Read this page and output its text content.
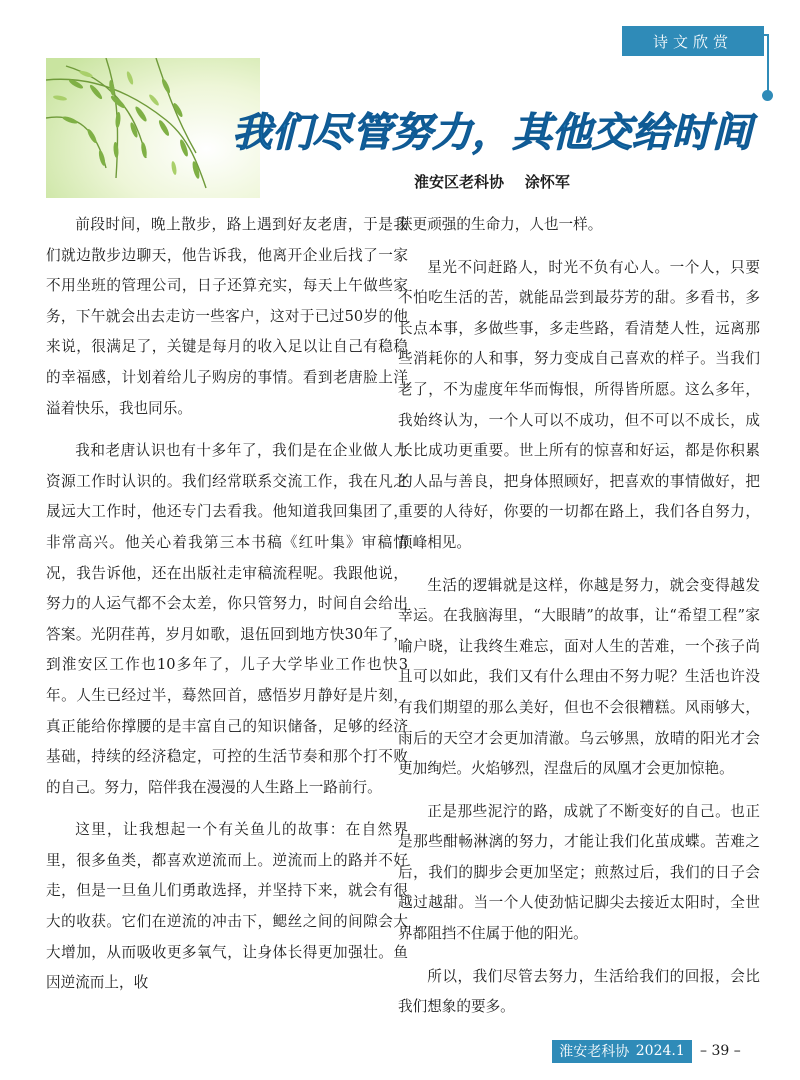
诗文欣赏
我们尽管努力，其他交给时间
淮安区老科协    涂怀军

前段时间，晚上散步，路上遇到好友老唐，于是我们就边散步边聊天，他告诉我，他离开企业后找了一家不用坐班的管理公司，日子还算充实，每天上午做些家务，下午就会出去走访一些客户，这对于已过50岁的他来说，很满足了，关键是每月的收入足以让自己有稳稳的幸福感，计划着给儿子购房的事情。看到老唐脸上洋溢着快乐，我也同乐。

我和老唐认识也有十多年了，我们是在企业做人力资源工作时认识的。我们经常联系交流工作，我在凡之晟远大工作时，他还专门去看我。他知道我回集团了，非常高兴。他关心着我第三本书稿《红叶集》审稿情况，我告诉他，还在出版社走审稿流程呢。我跟他说，努力的人运气都不会太差，你只管努力，时间自会给出答案。光阴荏苒，岁月如歌，退伍回到地方快30年了，到淮安区工作也10多年了，儿子大学毕业工作也快3年。人生已经过半，蓦然回首，感悟岁月静好是片刻，真正能给你撑腰的是丰富自己的知识储备，足够的经济基础，持续的经济稳定，可控的生活节奏和那个打不败的自己。努力，陪伴我在漫漫的人生路上一路前行。

这里，让我想起一个有关鱼儿的故事：在自然界里，很多鱼类，都喜欢逆流而上。逆流而上的路并不好走，但是一旦鱼儿们勇敢选择，并坚持下来，就会有很大的收获。它们在逆流的冲击下，鳃丝之间的间隙会大大增加，从而吸收更多氧气，让身体长得更加强壮。鱼因逆流而上，收

获更顽强的生命力，人也一样。

星光不问赶路人，时光不负有心人。一个人，只要不怕吃生活的苦，就能品尝到最芬芳的甜。多看书，多长点本事，多做些事，多走些路，看清楚人性，远离那些消耗你的人和事，努力变成自己喜欢的样子。当我们老了，不为虚度年华而悔恨，所得皆所愿。这么多年，我始终认为，一个人可以不成功，但不可以不成长，成长比成功更重要。世上所有的惊喜和好运，都是你积累的人品与善良，把身体照顾好，把喜欢的事情做好，把重要的人待好，你要的一切都在路上，我们各自努力，顶峰相见。

生活的逻辑就是这样，你越是努力，就会变得越发幸运。在我脑海里，“大眼睛”的故事，让“希望工程”家喻户晓，让我终生难忘，面对人生的苦难，一个孩子尚且可以如此，我们又有什么理由不努力呢？生活也许没有我们期望的那么美好，但也不会很糟糕。风雨够大，雨后的天空才会更加清澈。乌云够黑，放晴的阳光才会更加绚烂。火焰够烈，涅盘后的凤凰才会更加惊艳。

正是那些泥泞的路，成就了不断变好的自己。也正是那些酣畅淋漓的努力，才能让我们化茧成蝶。苦难之后，我们的脚步会更加坚定；煎熬过后，我们的日子会越过越甜。当一个人使劲惦记脚尖去接近太阳时，全世界都阻挡不住属于他的阳光。

所以，我们尽管去努力，生活给我们的回报，会比我们想象的要多。

淮安老科协 2024.1 – 39 –
